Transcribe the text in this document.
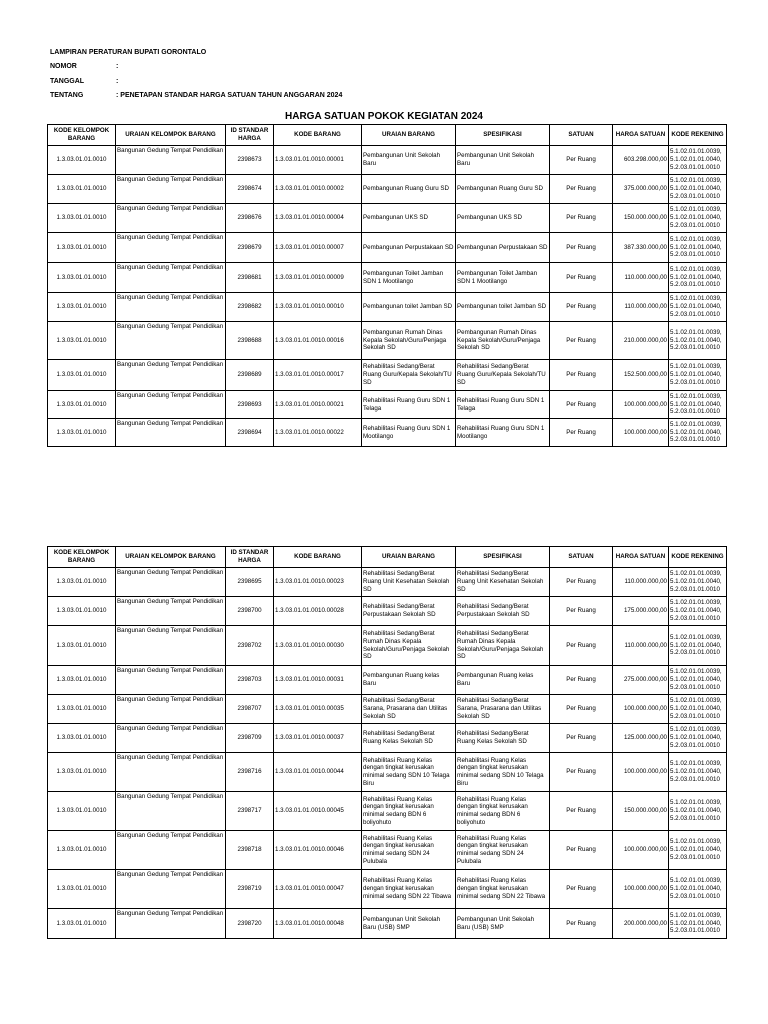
LAMPIRAN PERATURAN BUPATI GORONTALO
NOMOR	:
TANGGAL	:
TENTANG	: PENETAPAN STANDAR HARGA SATUAN TAHUN ANGGARAN 2024
HARGA SATUAN POKOK KEGIATAN 2024
KODE KELOMPOK BARANG	URAIAN KELOMPOK BARANG	ID STANDAR HARGA	KODE BARANG	URAIAN BARANG	SPESIFIKASI	SATUAN	HARGA SATUAN	KODE REKENING
1.3.03.01.01.0010	Bangunan Gedung Tempat Pendidikan	2398673	1.3.03.01.01.0010.00001	Pembangunan Unit Sekolah Baru	Pembangunan Unit Sekolah Baru	Per Ruang	603.298.000,00	5.1.02.01.01.0039, 5.1.02.01.01.0040, 5.2.03.01.01.0010
1.3.03.01.01.0010	Bangunan Gedung Tempat Pendidikan	2398674	1.3.03.01.01.0010.00002	Pembangunan Ruang Guru SD	Pembangunan Ruang Guru SD	Per Ruang	375.000.000,00	5.1.02.01.01.0039, 5.1.02.01.01.0040, 5.2.03.01.01.0010
1.3.03.01.01.0010	Bangunan Gedung Tempat Pendidikan	2398676	1.3.03.01.01.0010.00004	Pembangunan UKS SD	Pembangunan UKS SD	Per Ruang	150.000.000,00	5.1.02.01.01.0039, 5.1.02.01.01.0040, 5.2.03.01.01.0010
1.3.03.01.01.0010	Bangunan Gedung Tempat Pendidikan	2398679	1.3.03.01.01.0010.00007	Pembangunan Perpustakaan SD	Pembangunan Perpustakaan SD	Per Ruang	387.330.000,00	5.1.02.01.01.0039, 5.1.02.01.01.0040, 5.2.03.01.01.0010
1.3.03.01.01.0010	Bangunan Gedung Tempat Pendidikan	2398681	1.3.03.01.01.0010.00009	Pembangunan Toilet Jamban SDN 1 Mootilango	Pembangunan Toilet Jamban SDN 1 Mootilango	Per Ruang	110.000.000,00	5.1.02.01.01.0039, 5.1.02.01.01.0040, 5.2.03.01.01.0010
1.3.03.01.01.0010	Bangunan Gedung Tempat Pendidikan	2398682	1.3.03.01.01.0010.00010	Pembangunan toilet Jamban SD	Pembangunan toilet Jamban SD	Per Ruang	110.000.000,00	5.1.02.01.01.0039, 5.1.02.01.01.0040, 5.2.03.01.01.0010
1.3.03.01.01.0010	Bangunan Gedung Tempat Pendidikan	2398688	1.3.03.01.01.0010.00016	Pembangunan Rumah Dinas Kepala Sekolah/Guru/Penjaga Sekolah SD	Pembangunan Rumah Dinas Kepala Sekolah/Guru/Penjaga Sekolah SD	Per Ruang	210.000.000,00	5.1.02.01.01.0039, 5.1.02.01.01.0040, 5.2.03.01.01.0010
1.3.03.01.01.0010	Bangunan Gedung Tempat Pendidikan	2398689	1.3.03.01.01.0010.00017	Rehabilitasi Sedang/Berat Ruang Guru/Kepala Sekolah/TU SD	Rehabilitasi Sedang/Berat Ruang Guru/Kepala Sekolah/TU SD	Per Ruang	152.500.000,00	5.1.02.01.01.0039, 5.1.02.01.01.0040, 5.2.03.01.01.0010
1.3.03.01.01.0010	Bangunan Gedung Tempat Pendidikan	2398693	1.3.03.01.01.0010.00021	Rehabilitasi Ruang Guru SDN 1 Telaga	Rehabilitasi Ruang Guru SDN 1 Telaga	Per Ruang	100.000.000,00	5.1.02.01.01.0039, 5.1.02.01.01.0040, 5.2.03.01.01.0010
1.3.03.01.01.0010	Bangunan Gedung Tempat Pendidikan	2398694	1.3.03.01.01.0010.00022	Rehabilitasi Ruang Guru SDN 1 Mootilango	Rehabilitasi Ruang Guru SDN 1 Mootilango	Per Ruang	100.000.000,00	5.1.02.01.01.0039, 5.1.02.01.01.0040, 5.2.03.01.01.0010
KODE KELOMPOK BARANG	URAIAN KELOMPOK BARANG	ID STANDAR HARGA	KODE BARANG	URAIAN BARANG	SPESIFIKASI	SATUAN	HARGA SATUAN	KODE REKENING
1.3.03.01.01.0010	Bangunan Gedung Tempat Pendidikan	2398695	1.3.03.01.01.0010.00023	Rehabilitasi Sedang/Berat Ruang Unit Kesehatan Sekolah SD	Rehabilitasi Sedang/Berat Ruang Unit Kesehatan Sekolah SD	Per Ruang	110.000.000,00	5.1.02.01.01.0039, 5.1.02.01.01.0040, 5.2.03.01.01.0010
1.3.03.01.01.0010	Bangunan Gedung Tempat Pendidikan	2398700	1.3.03.01.01.0010.00028	Rehabilitasi Sedang/Berat Perpustakaan Sekolah SD	Rehabilitasi Sedang/Berat Perpustakaan Sekolah SD	Per Ruang	175.000.000,00	5.1.02.01.01.0039, 5.1.02.01.01.0040, 5.2.03.01.01.0010
1.3.03.01.01.0010	Bangunan Gedung Tempat Pendidikan	2398702	1.3.03.01.01.0010.00030	Rehabilitasi Sedang/Berat Rumah Dinas Kepala Sekolah/Guru/Penjaga Sekolah SD	Rehabilitasi Sedang/Berat Rumah Dinas Kepala Sekolah/Guru/Penjaga Sekolah SD	Per Ruang	110.000.000,00	5.1.02.01.01.0039, 5.1.02.01.01.0040, 5.2.03.01.01.0010
1.3.03.01.01.0010	Bangunan Gedung Tempat Pendidikan	2398703	1.3.03.01.01.0010.00031	Pembangunan Ruang kelas Baru	Pembangunan Ruang kelas Baru	Per Ruang	275.000.000,00	5.1.02.01.01.0039, 5.1.02.01.01.0040, 5.2.03.01.01.0010
1.3.03.01.01.0010	Bangunan Gedung Tempat Pendidikan	2398707	1.3.03.01.01.0010.00035	Rehabilitasi Sedang/Berat Sarana, Prasarana dan Utilitas Sekolah SD	Rehabilitasi Sedang/Berat Sarana, Prasarana dan Utilitas Sekolah SD	Per Ruang	100.000.000,00	5.1.02.01.01.0039, 5.1.02.01.01.0040, 5.2.03.01.01.0010
1.3.03.01.01.0010	Bangunan Gedung Tempat Pendidikan	2398709	1.3.03.01.01.0010.00037	Rehabilitasi Sedang/Berat Ruang Kelas Sekolah SD	Rehabilitasi Sedang/Berat Ruang Kelas Sekolah SD	Per Ruang	125.000.000,00	5.1.02.01.01.0039, 5.1.02.01.01.0040, 5.2.03.01.01.0010
1.3.03.01.01.0010	Bangunan Gedung Tempat Pendidikan	2398716	1.3.03.01.01.0010.00044	Rehabilitasi Ruang Kelas dengan tingkat kerusakan minimal sedang SDN 10 Telaga Biru	Rehabilitasi Ruang Kelas dengan tingkat kerusakan minimal sedang SDN 10 Telaga Biru	Per Ruang	100.000.000,00	5.1.02.01.01.0039, 5.1.02.01.01.0040, 5.2.03.01.01.0010
1.3.03.01.01.0010	Bangunan Gedung Tempat Pendidikan	2398717	1.3.03.01.01.0010.00045	Rehabilitasi Ruang Kelas dengan tingkat kerusakan minimal sedang BDN 6 boliyohuto	Rehabilitasi Ruang Kelas dengan tingkat kerusakan minimal sedang BDN 6 boliyohuto	Per Ruang	150.000.000,00	5.1.02.01.01.0039, 5.1.02.01.01.0040, 5.2.03.01.01.0010
1.3.03.01.01.0010	Bangunan Gedung Tempat Pendidikan	2398718	1.3.03.01.01.0010.00046	Rehabilitasi Ruang Kelas dengan tingkat kerusakan minimal sedang SDN 24 Pulubala	Rehabilitasi Ruang Kelas dengan tingkat kerusakan minimal sedang SDN 24 Pulubala	Per Ruang	100.000.000,00	5.1.02.01.01.0039, 5.1.02.01.01.0040, 5.2.03.01.01.0010
1.3.03.01.01.0010	Bangunan Gedung Tempat Pendidikan	2398719	1.3.03.01.01.0010.00047	Rehabilitasi Ruang Kelas dengan tingkat kerusakan minimal sedang SDN 22 Tibawa	Rehabilitasi Ruang Kelas dengan tingkat kerusakan minimal sedang SDN 22 Tibawa	Per Ruang	100.000.000,00	5.1.02.01.01.0039, 5.1.02.01.01.0040, 5.2.03.01.01.0010
1.3.03.01.01.0010	Bangunan Gedung Tempat Pendidikan	2398720	1.3.03.01.01.0010.00048	Pembangunan Unit Sekolah Baru (USB) SMP	Pembangunan Unit Sekolah Baru (USB) SMP	Per Ruang	200.000.000,00	5.1.02.01.01.0039, 5.1.02.01.01.0040, 5.2.03.01.01.0010
